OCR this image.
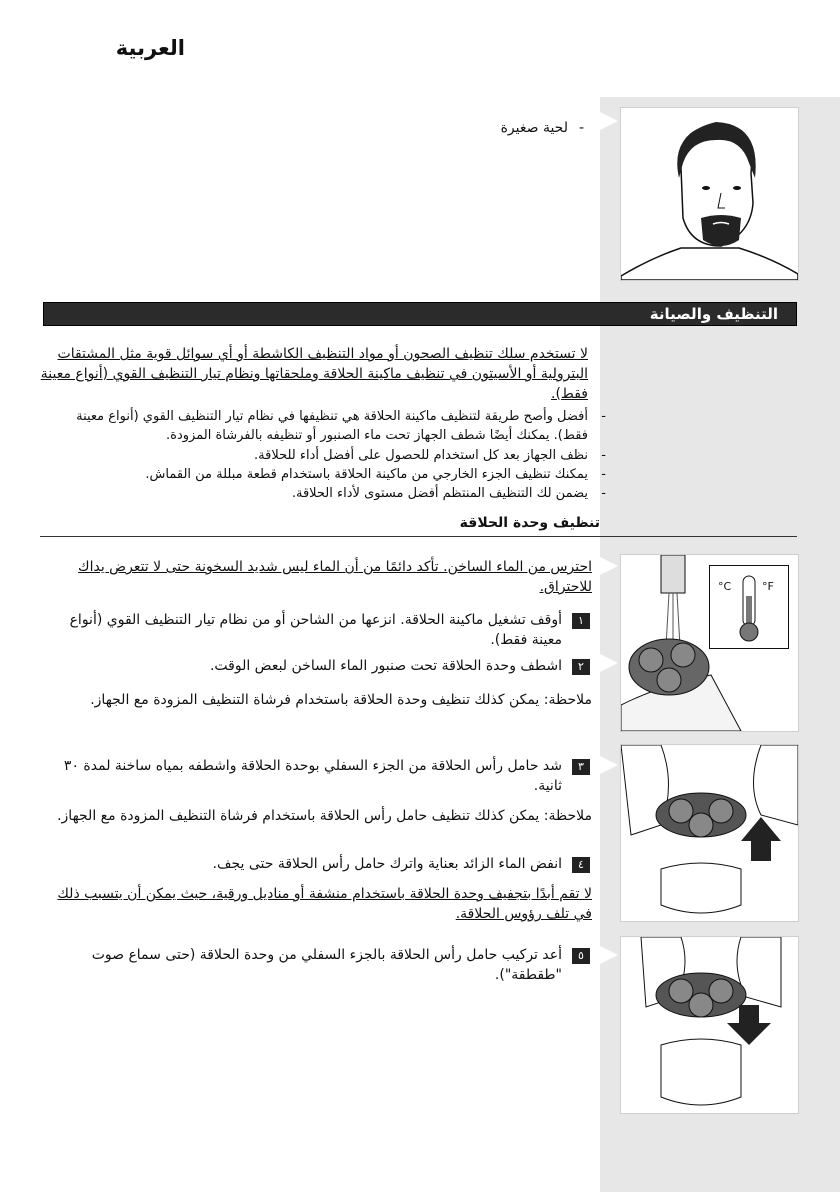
°C	°F
العربية
لحية صغيرة -
التنظيف والصيانة
لا تستخدم سلك تنظيف الصحون أو مواد التنظيف الكاشطة أو أي سوائل قوية مثل المشتقات البترولية أو الأسيتون في تنظيف ماكينة الحلاقة وملحقاتها ونظام تيار التنظيف القوي (أنواع معينة فقط).
-
أفضل وأصح طريقة لتنظيف ماكينة الحلاقة هي تنظيفها في نظام تيار التنظيف القوي (أنواع معينة فقط). يمكنك أيضًا شطف الجهاز تحت ماء الصنبور أو تنظيفه بالفرشاة المزودة.
-
نظف الجهاز بعد كل استخدام للحصول على أفضل أداء للحلاقة.
-
يمكنك تنظيف الجزء الخارجي من ماكينة الحلاقة باستخدام قطعة مبللة من القماش.
-
يضمن لك التنظيف المنتظم أفضل مستوى لأداء الحلاقة.
تنظيف وحدة الحلاقة
احترس من الماء الساخن. تأكد دائمًا من أن الماء ليس شديد السخونة حتى لا تتعرض يداك للاحتراق.
١
أوقف تشغيل ماكينة الحلاقة. انزعها من الشاحن أو من نظام تيار التنظيف القوي (أنواع معينة فقط).
٢
اشطف وحدة الحلاقة تحت صنبور الماء الساخن لبعض الوقت.
ملاحظة: يمكن كذلك تنظيف وحدة الحلاقة باستخدام فرشاة التنظيف المزودة مع الجهاز.
٣
شد حامل رأس الحلاقة من الجزء السفلي بوحدة الحلاقة واشطفه بمياه ساخنة لمدة ٣٠ ثانية.
ملاحظة: يمكن كذلك تنظيف حامل رأس الحلاقة باستخدام فرشاة التنظيف المزودة مع الجهاز.
٤
انفض الماء الزائد بعناية واترك حامل رأس الحلاقة حتى يجف.
لا تقم أبدًا بتجفيف وحدة الحلاقة باستخدام منشفة أو مناديل ورقية، حيث يمكن أن يتسبب ذلك في تلف رؤوس الحلاقة.
٥
أعد تركيب حامل رأس الحلاقة بالجزء السفلي من وحدة الحلاقة (حتى سماع صوت "طقطقة").
